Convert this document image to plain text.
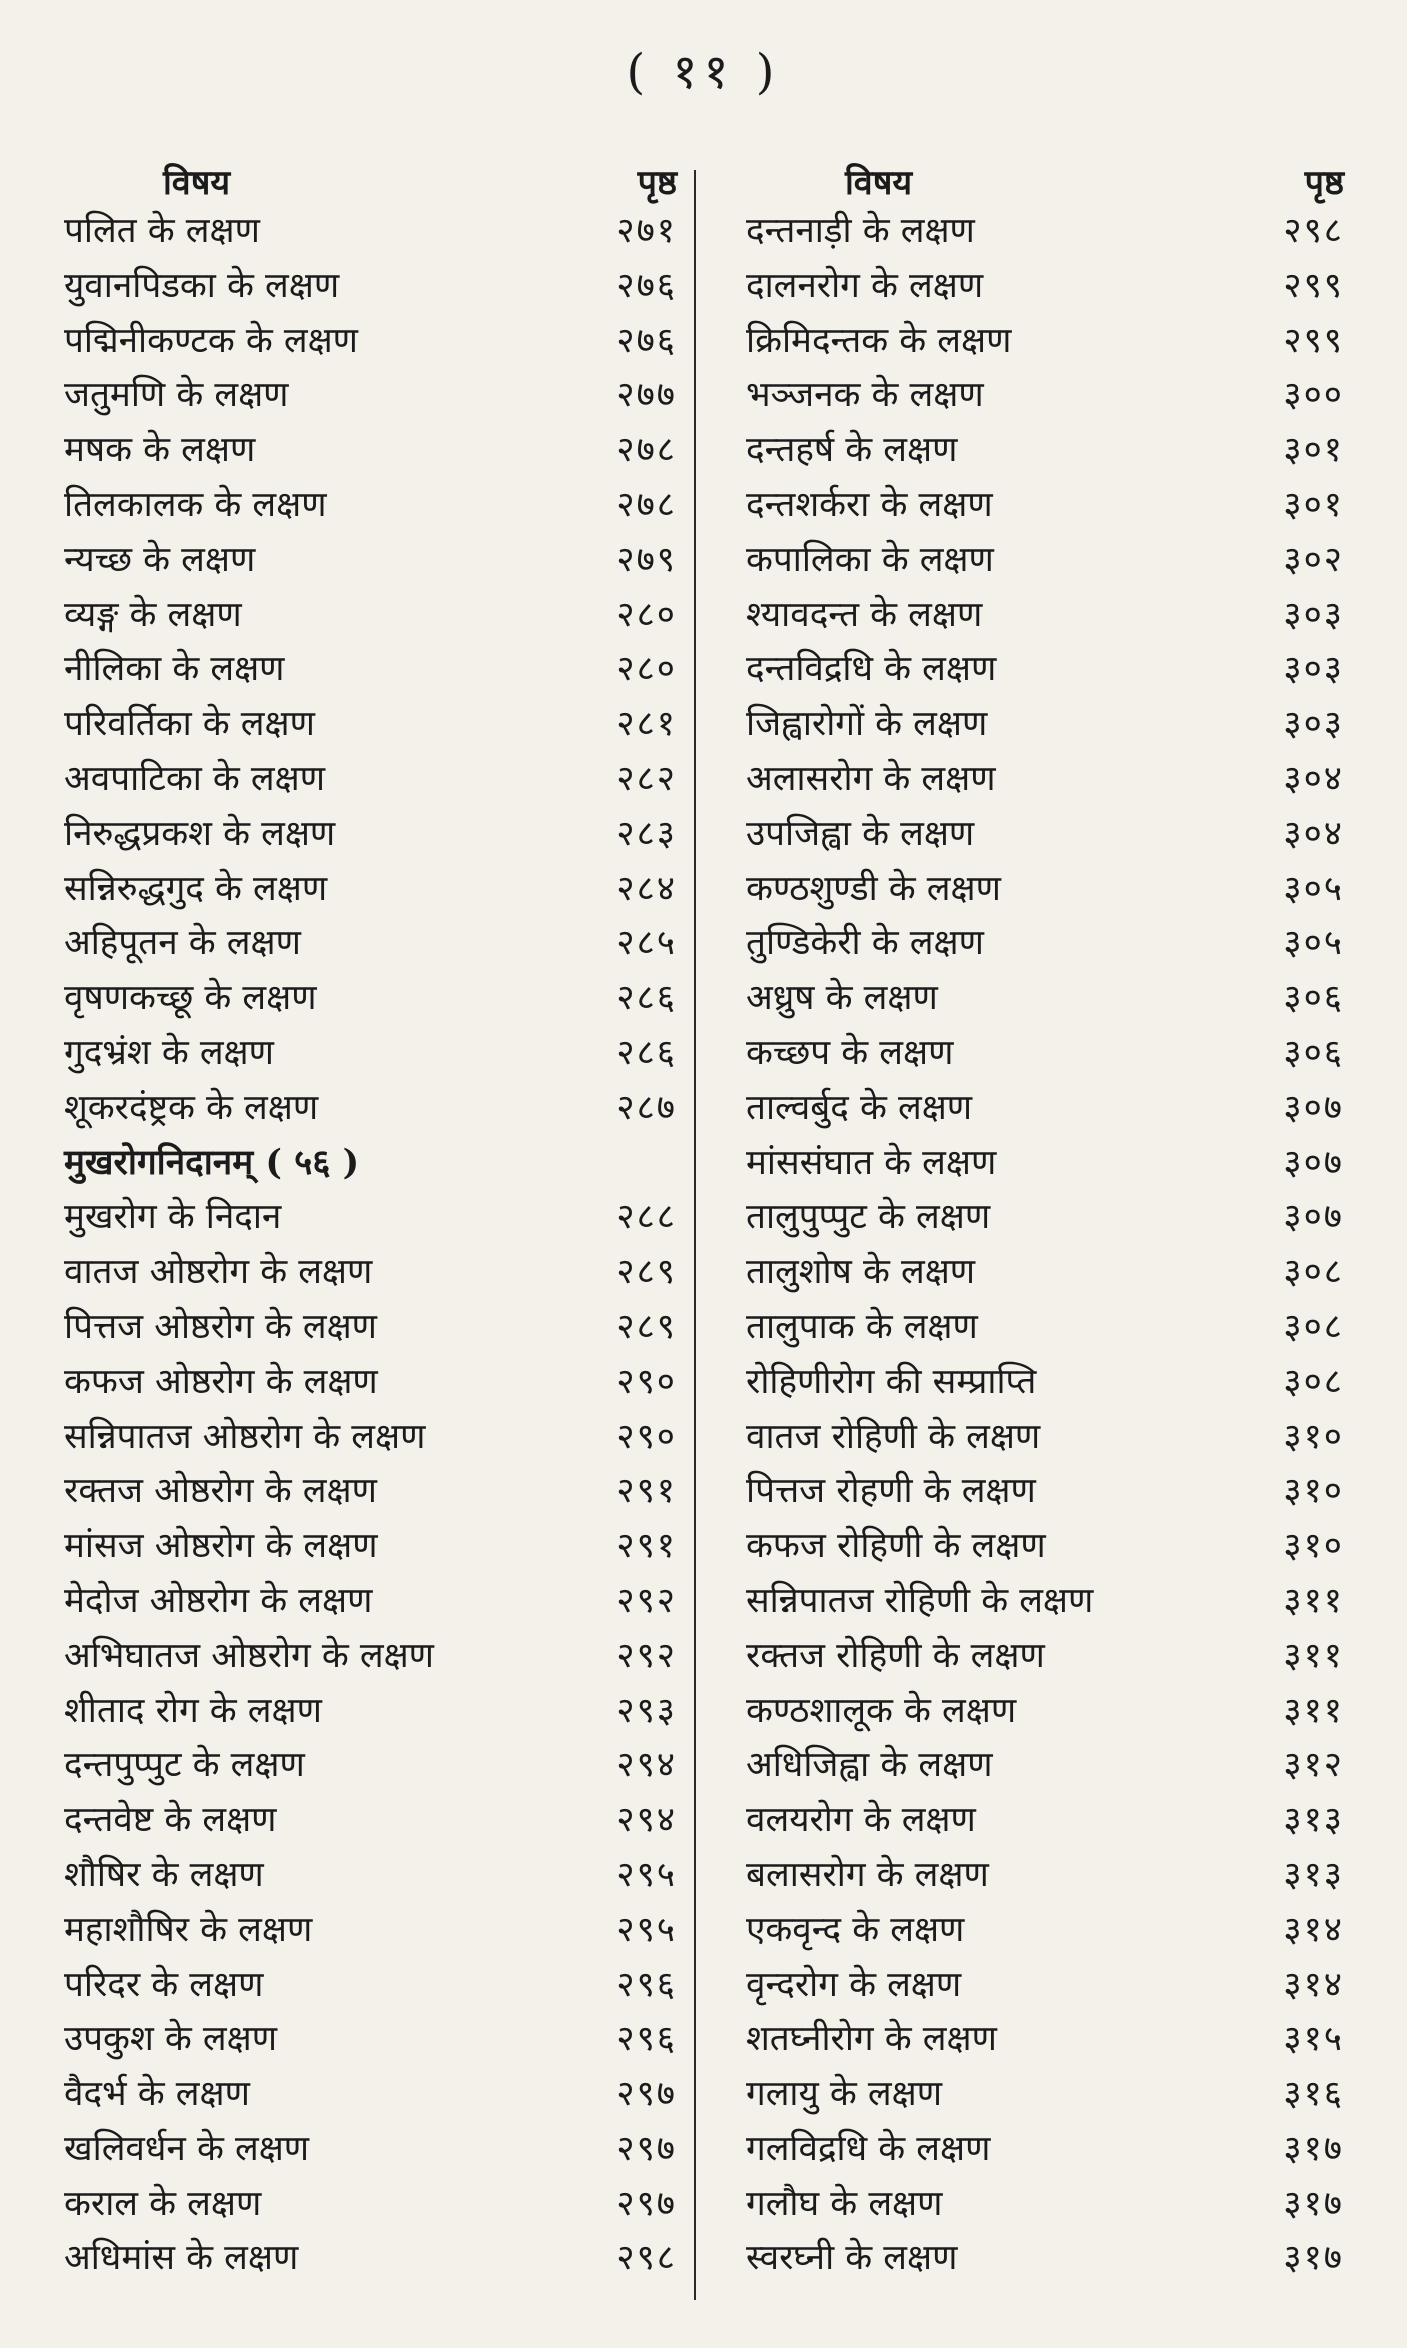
( ११ )
विषय	पृष्ठ
पलित के लक्षण	२७१
युवानपिडका के लक्षण	२७६
पद्मिनीकण्टक के लक्षण	२७६
जतुमणि के लक्षण	२७७
मषक के लक्षण	२७८
तिलकालक के लक्षण	२७८
न्यच्छ के लक्षण	२७९
व्यङ्ग के लक्षण	२८०
नीलिका के लक्षण	२८०
परिवर्तिका के लक्षण	२८१
अवपाटिका के लक्षण	२८२
निरुद्धप्रकश के लक्षण	२८३
सन्निरुद्धगुद के लक्षण	२८४
अहिपूतन के लक्षण	२८५
वृषणकच्छू के लक्षण	२८६
गुदभ्रंश के लक्षण	२८६
शूकरदंष्ट्रक के लक्षण	२८७
मुखरोगनिदानम् ( ५६ )
मुखरोग के निदान	२८८
वातज ओष्ठरोग के लक्षण	२८९
पित्तज ओष्ठरोग के लक्षण	२८९
कफज ओष्ठरोग के लक्षण	२९०
सन्निपातज ओष्ठरोग के लक्षण	२९०
रक्तज ओष्ठरोग के लक्षण	२९१
मांसज ओष्ठरोग के लक्षण	२९१
मेदोज ओष्ठरोग के लक्षण	२९२
अभिघातज ओष्ठरोग के लक्षण	२९२
शीताद रोग के लक्षण	२९३
दन्तपुप्पुट के लक्षण	२९४
दन्तवेष्ट के लक्षण	२९४
शौषिर के लक्षण	२९५
महाशौषिर के लक्षण	२९५
परिदर के लक्षण	२९६
उपकुश के लक्षण	२९६
वैदर्भ के लक्षण	२९७
खलिवर्धन के लक्षण	२९७
कराल के लक्षण	२९७
अधिमांस के लक्षण	२९८
विषय	पृष्ठ
दन्तनाड़ी के लक्षण	२९८
दालनरोग के लक्षण	२९९
क्रिमिदन्तक के लक्षण	२९९
भञ्जनक के लक्षण	३००
दन्तहर्ष के लक्षण	३०१
दन्तशर्करा के लक्षण	३०१
कपालिका के लक्षण	३०२
श्यावदन्त के लक्षण	३०३
दन्तविद्रधि के लक्षण	३०३
जिह्वारोगों के लक्षण	३०३
अलासरोग के लक्षण	३०४
उपजिह्वा के लक्षण	३०४
कण्ठशुण्डी के लक्षण	३०५
तुण्डिकेरी के लक्षण	३०५
अध्रुष के लक्षण	३०६
कच्छप के लक्षण	३०६
ताल्वर्बुद के लक्षण	३०७
मांससंघात के लक्षण	३०७
तालुपुप्पुट के लक्षण	३०७
तालुशोष के लक्षण	३०८
तालुपाक के लक्षण	३०८
रोहिणीरोग की सम्प्राप्ति	३०८
वातज रोहिणी के लक्षण	३१०
पित्तज रोहणी के लक्षण	३१०
कफज रोहिणी के लक्षण	३१०
सन्निपातज रोहिणी के लक्षण	३११
रक्तज रोहिणी के लक्षण	३११
कण्ठशालूक के लक्षण	३११
अधिजिह्वा के लक्षण	३१२
वलयरोग के लक्षण	३१३
बलासरोग के लक्षण	३१३
एकवृन्द के लक्षण	३१४
वृन्दरोग के लक्षण	३१४
शतघ्नीरोग के लक्षण	३१५
गलायु के लक्षण	३१६
गलविद्रधि के लक्षण	३१७
गलौघ के लक्षण	३१७
स्वरघ्नी के लक्षण	३१७
